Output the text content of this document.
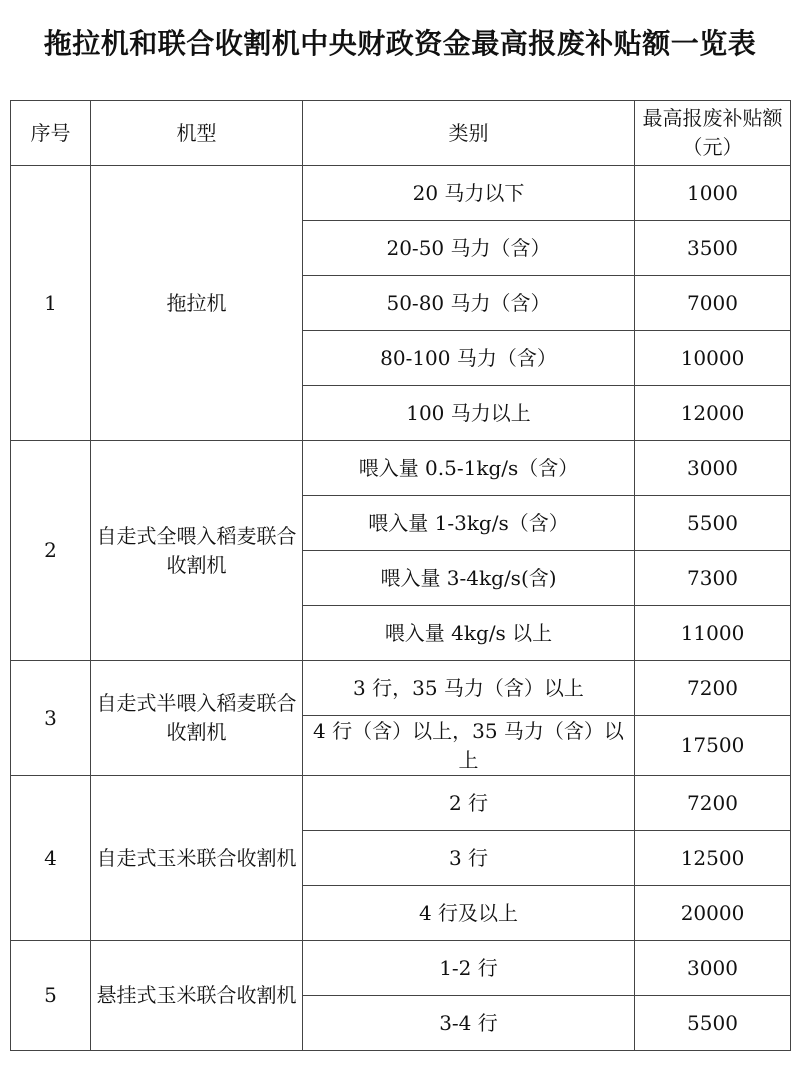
拖拉机和联合收割机中央财政资金最高报废补贴额一览表
序号	机型	类别	最高报废补贴额（元）
1	拖拉机	20 马力以下	1000
		20-50 马力（含）	3500
		50-80 马力（含）	7000
		80-100 马力（含）	10000
		100 马力以上	12000
2	自走式全喂入稻麦联合收割机	喂入量 0.5-1kg/s（含）	3000
		喂入量 1-3kg/s（含）	5500
		喂入量 3-4kg/s(含)	7300
		喂入量 4kg/s 以上	11000
3	自走式半喂入稻麦联合收割机	3 行，35 马力（含）以上	7200
		4 行（含）以上，35 马力（含）以上	17500
4	自走式玉米联合收割机	2 行	7200
		3 行	12500
		4 行及以上	20000
5	悬挂式玉米联合收割机	1-2 行	3000
		3-4 行	5500
